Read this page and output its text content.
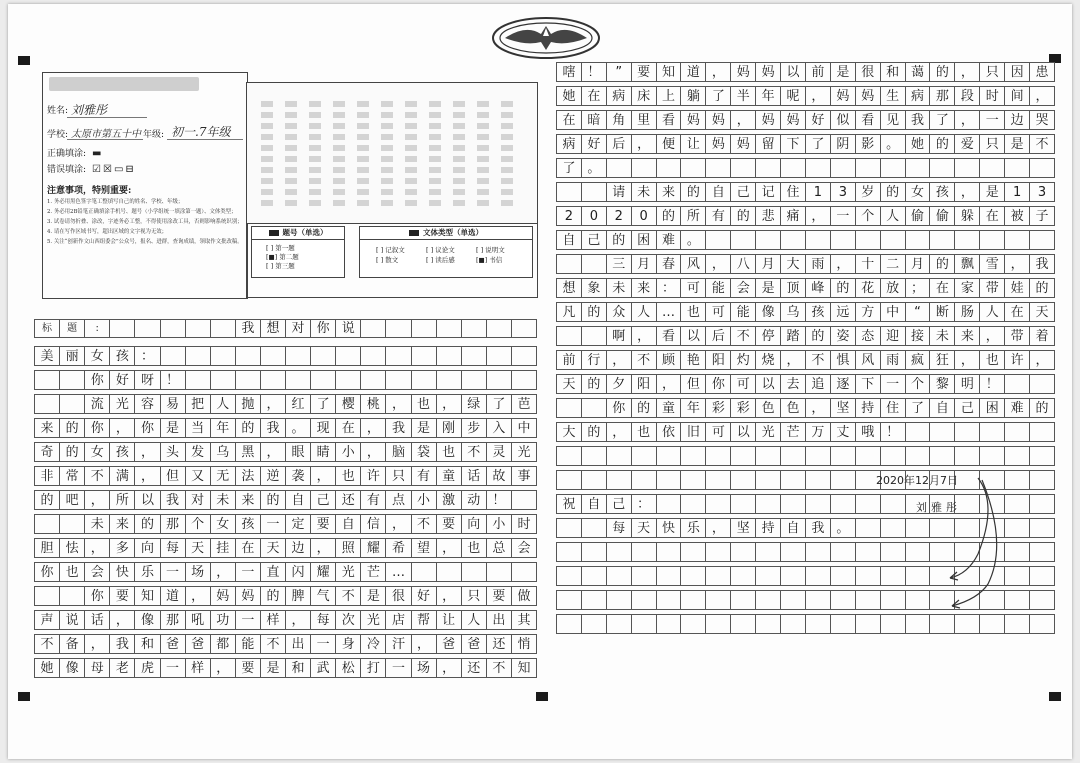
姓名: 刘雅彤
学校: 太原市第五十中 年级: 初一.7年级
正确填涂: ▬
错误填涂: ☑☒▭⊟
注意事项，特别重要:

1. 务必用黑色签字笔工整填写自己的姓名、学校、年级；

2. 务必用2B铅笔正确填涂手机号、题号（小学组统一填涂第一题）、文体类型；

3. 试卷请勿折叠、涂改，字迹务必工整，不得使用涂改工具，否则影响系统识别；

4. 请在写作区域书写，超出区域的文字视为无效；

5. 关注“创新作文山西组委会”公众号，报名、进群，查询成绩，领取作文批改稿。

题号（单选）
[ ] 第一题
[■] 第二题
[ ] 第三题
文体类型（单选）
[ ] 记叙文	[ ] 议论文	[ ] 说明文
[ ] 散文	[ ] 读后感	[■] 书信
标	题	:	我 想 对 你 说
美 丽 女 孩 ：
你 好 呀 ！
流 光 容 易 把 人 抛 ， 红 了 樱 桃 ， 也 ， 绿 了 芭
来 的 你 ， 你 是 当 年 的 我 。 现 在 ， 我 是 刚 步 入 中
奇 的 女 孩 ， 头 发 乌 黑 ， 眼 睛 小 ， 脑 袋 也 不 灵 光
非 常 不 满 ， 但 又 无 法 逆 袭 ， 也 许 只 有 童 话 故 事
的 吧 ， 所 以 我 对 未 来 的 自 己 还 有 点 小 激 动 ！
未 来 的 那 个 女 孩 一 定 要 自 信 ， 不 要 向 小 时
胆 怯 ， 多 向 每 天 挂 在 天 边 ， 照 耀 希 望 ， 也 总 会
你 也 会 快 乐 一 场 ， 一 直 闪 耀 光 芒 …
你 要 知 道 ， 妈 妈 的 脾 气 不 是 很 好 ， 只 要 做
声 说 话 ， 像 那 吼 功 一 样 ， 每 次 光 店 帮 让 人 出 其
不 备 ， 我 和 爸 爸 都 能 不 出 一 身 冷 汗 ， 爸 爸 还 悄
她 像 母 老 虎 一 样 ， 要 是 和 武 松 打 一 场 ， 还 不 知
嗐 ！	”	要 知 道 ， 妈 妈 以 前 是 很 和 蔼 的 ， 只 因 患
她 在 病 床 上 躺 了 半 年 呢 ， 妈 妈 生 病 那 段 时 间 ，
在 暗 角 里 看 妈 妈 ， 妈 妈 好 似 看 见 我 了 ， 一 边 哭
病 好 后 ， 便 让 妈 妈 留 下 了 阴 影 。 她 的 爱 只 是 不
了 。
请 未 来 的 自 己 记 住	1	3	岁 的 女 孩 ， 是	1	3
2	0	2	0	的 所 有 的 悲 痛 ， 一 个 人 偷 偷 躲 在 被 子
自 己 的 困 难 。
三 月 春 风 ， 八 月 大 雨 ， 十 二 月 的 飘 雪 ， 我
想 象 未 来 ： 可 能 会 是 顶 峰 的 花 放 ； 在 家 带 娃 的
凡 的 众 人 … 也 可 能 像 乌 孩 远 方 中	“	断 肠 人 在 天
啊 ， 看 以 后 不 停 踏 的 姿 态 迎 接 未 来 ， 带 着
前 行 ， 不 顾 艳 阳 灼 烧 ， 不 惧 风 雨 疯 狂 ， 也 许 ，
天 的 夕 阳 ， 但 你 可 以 去 追 逐 下 一 个 黎 明 ！
你 的 童 年 彩 彩 色 色 ， 坚 持 住 了 自 己 困 难 的
大 的 ， 也 依 旧 可 以 光 芒 万 丈 哦 ！
祝 自 己 ：
每 天 快 乐 ， 坚 持 自 我 。
2020年12月7日
刘雅彤
